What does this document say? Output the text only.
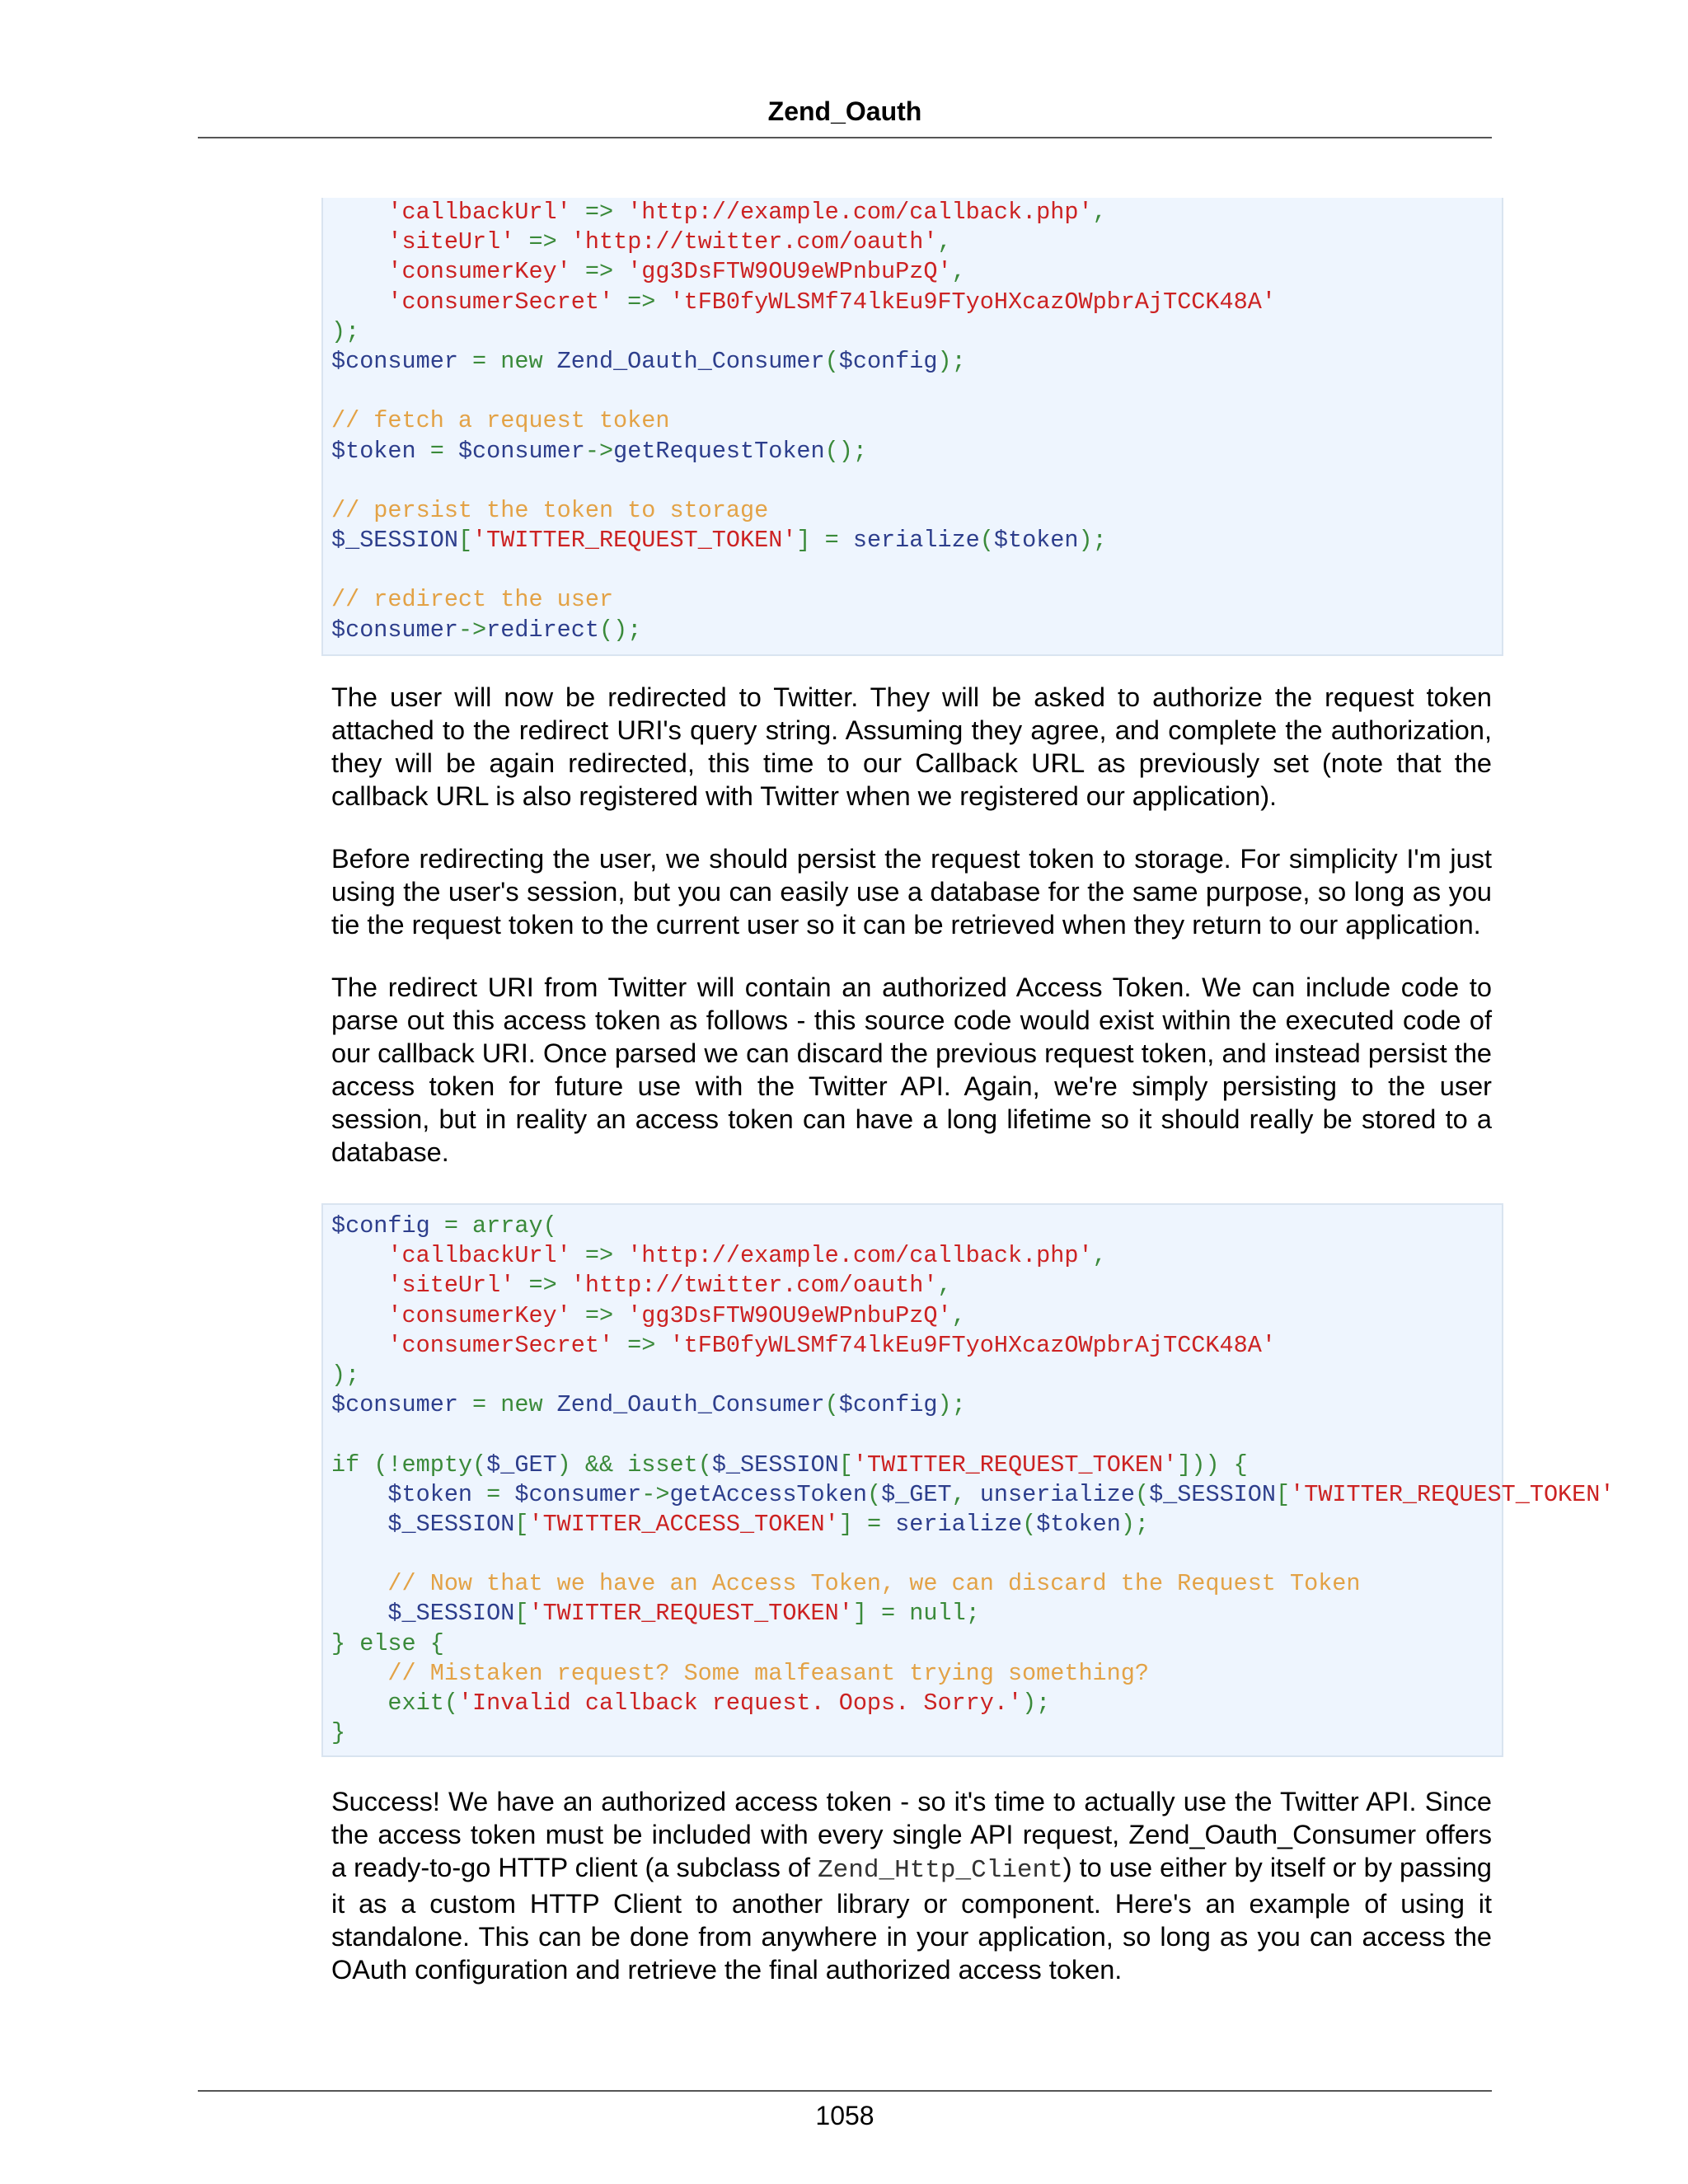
Zend_Oauth
'callbackUrl' => 'http://example.com/callback.php',
'siteUrl' => 'http://twitter.com/oauth',
'consumerKey' => 'gg3DsFTW9OU9eWPnbuPzQ',
'consumerSecret' => 'tFB0fyWLSMf74lkEu9FTyoHXcazOWpbrAjTCCK48A'
);
$consumer = new Zend_Oauth_Consumer($config);

// fetch a request token
$token = $consumer->getRequestToken();

// persist the token to storage
$_SESSION['TWITTER_REQUEST_TOKEN'] = serialize($token);

// redirect the user
$consumer->redirect();

The user will now be redirected to Twitter. They will be asked to authorize the request token attached to the redirect URI's query string. Assuming they agree, and complete the authorization, they will be again redirected, this time to our Callback URL as previously set (note that the callback URL is also registered with Twitter when we registered our application).

Before redirecting the user, we should persist the request token to storage. For simplicity I'm just using the user's session, but you can easily use a database for the same purpose, so long as you tie the request token to the current user so it can be retrieved when they return to our application.

The redirect URI from Twitter will contain an authorized Access Token. We can include code to parse out this access token as follows - this source code would exist within the executed code of our callback URI. Once parsed we can discard the previous request token, and instead persist the access token for future use with the Twitter API. Again, we're simply persisting to the user session, but in reality an access token can have a long lifetime so it should really be stored to a database.

$config = array(
'callbackUrl' => 'http://example.com/callback.php',
'siteUrl' => 'http://twitter.com/oauth',
'consumerKey' => 'gg3DsFTW9OU9eWPnbuPzQ',
'consumerSecret' => 'tFB0fyWLSMf74lkEu9FTyoHXcazOWpbrAjTCCK48A'
);
$consumer = new Zend_Oauth_Consumer($config);

if (!empty($_GET) && isset($_SESSION['TWITTER_REQUEST_TOKEN'])) {
$token = $consumer->getAccessToken($_GET, unserialize($_SESSION['TWITTER_REQUEST_TOKEN'
$_SESSION['TWITTER_ACCESS_TOKEN'] = serialize($token);

// Now that we have an Access Token, we can discard the Request Token
$_SESSION['TWITTER_REQUEST_TOKEN'] = null;
} else {
// Mistaken request? Some malfeasant trying something?
exit('Invalid callback request. Oops. Sorry.');
}

Success! We have an authorized access token - so it's time to actually use the Twitter API. Since the access token must be included with every single API request, Zend_Oauth_Consumer offers a ready-to-go HTTP client (a subclass of Zend_Http_Client) to use either by itself or by passing it as a custom HTTP Client to another library or component. Here's an example of using it standalone. This can be done from anywhere in your application, so long as you can access the OAuth configuration and retrieve the final authorized access token.

1058
